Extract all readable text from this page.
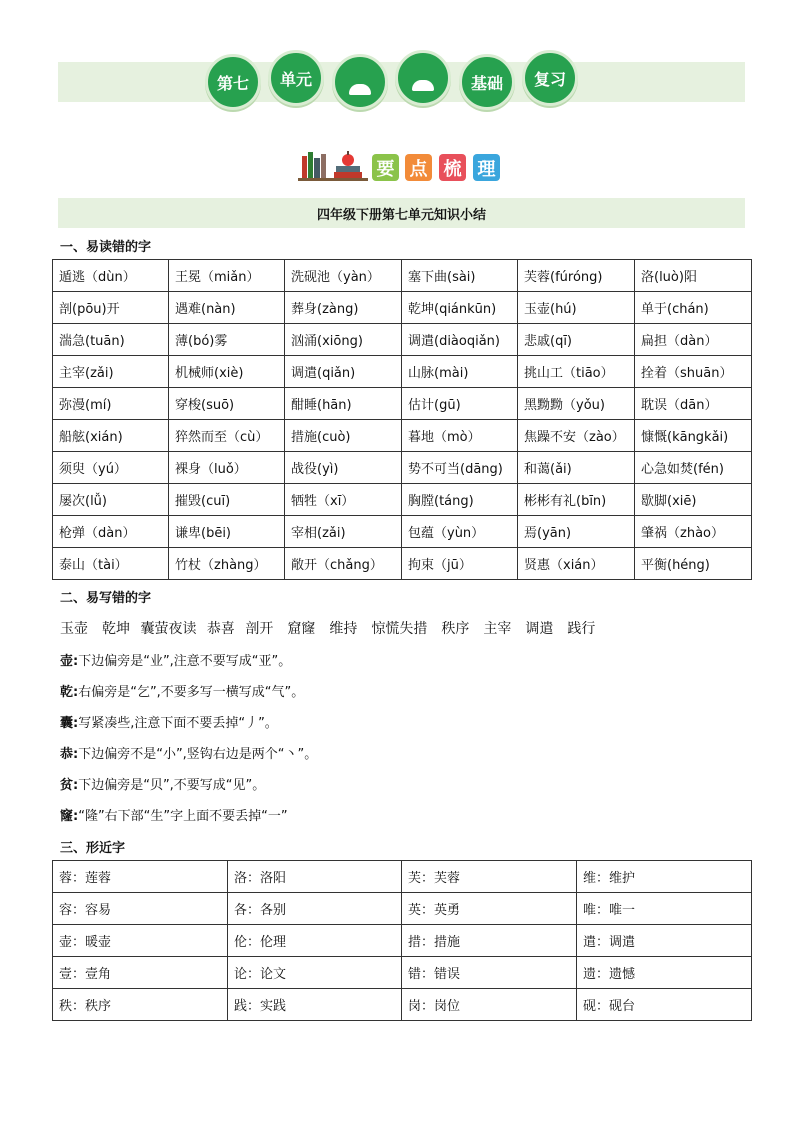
第七 单元	基础 复习
要 点 梳 理
四年级下册第七单元知识小结
一、易读错的字
遁逃（dùn）	王冕（miǎn）	洗砚池（yàn）	塞下曲(sài)	芙蓉(fúróng)	洛(luò)阳
剖(pōu)开	遇难(nàn)	葬身(zàng)	乾坤(qiánkūn)	玉壶(hú)	单于(chán)
湍急(tuān)	薄(bó)雾	汹涌(xiōng)	调遣(diàoqiǎn)	悲戚(qī)	扁担（dàn）
主宰(zǎi)	机械师(xiè)	调遣(qiǎn)	山脉(mài)	挑山工（tiāo）	拴着（shuān）
弥漫(mí)	穿梭(suō)	酣睡(hān)	估计(gū)	黑黝黝（yǒu)	耽误（dān）
船舷(xián)	猝然而至（cù）	措施(cuò)	暮地（mò）	焦躁不安（zào）	慷慨(kāngkǎi)
须臾（yú）	裸身（luǒ）	战役(yì)	势不可当(dāng)	和蔼(ǎi)	心急如焚(fén)
屡次(lǚ)	摧毁(cuī)	牺牲（xī）	胸膛(táng)	彬彬有礼(bīn)	歇脚(xiē)
枪弹（dàn）	谦卑(bēi)	宰相(zǎi)	包蕴（yùn）	焉(yān)	肇祸（zhào）
泰山（tài）	竹杖（zhàng）	敞开（chǎng）	拘束（jū）	贤惠（xián）	平衡(héng)
二、易写错的字
玉壶　乾坤 囊萤夜读 恭喜 剖开　窟窿　维持　惊慌失措　秩序　主宰　调遣　践行
壶:下边偏旁是“业”,注意不要写成“亚”。
乾:右偏旁是“乞”,不要多写一横写成“气”。
囊:写紧凑些,注意下面不要丢掉“丿”。
恭:下边偏旁不是“小”,竖钩右边是两个“丶”。
贫:下边偏旁是“贝”,不要写成“见”。
窿:“隆”右下部“生”字上面不要丢掉“一”
三、形近字
蓉：莲蓉	洛：洛阳	芙：芙蓉	维：维护
容：容易	各：各别	英：英勇	唯：唯一
壶：暖壶	伦：伦理	措：措施	遣：调遣
壹：壹角	论：论文	错：错误	遗：遗憾
秩：秩序	践：实践	岗：岗位	砚：砚台
